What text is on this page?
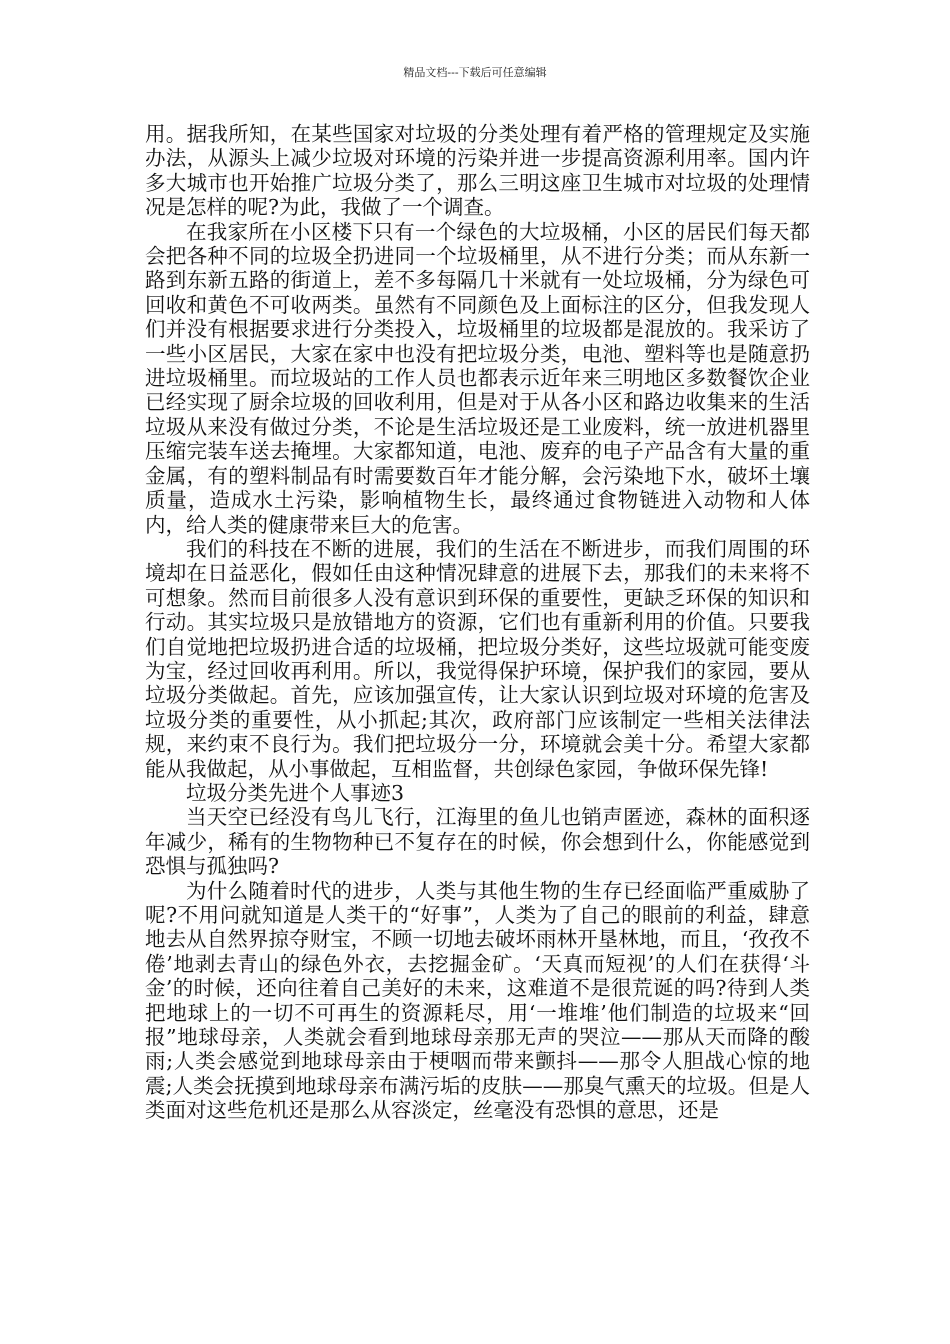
精品文档---下载后可任意编辑

用。据我所知，在某些国家对垃圾的分类处理有着严格的管理规定及实施办法，从源头上减少垃圾对环境的污染并进一步提高资源利用率。国内许多大城市也开始推广垃圾分类了，那么三明这座卫生城市对垃圾的处理情况是怎样的呢?为此，我做了一个调查。

在我家所在小区楼下只有一个绿色的大垃圾桶，小区的居民们每天都会把各种不同的垃圾全扔进同一个垃圾桶里，从不进行分类；而从东新一路到东新五路的街道上，差不多每隔几十米就有一处垃圾桶，分为绿色可回收和黄色不可收两类。虽然有不同颜色及上面标注的区分，但我发现人们并没有根据要求进行分类投入，垃圾桶里的垃圾都是混放的。我采访了一些小区居民，大家在家中也没有把垃圾分类，电池、塑料等也是随意扔进垃圾桶里。而垃圾站的工作人员也都表示近年来三明地区多数餐饮企业已经实现了厨余垃圾的回收利用，但是对于从各小区和路边收集来的生活垃圾从来没有做过分类，不论是生活垃圾还是工业废料，统一放进机器里压缩完装车送去掩埋。大家都知道，电池、废弃的电子产品含有大量的重金属，有的塑料制品有时需要数百年才能分解，会污染地下水，破坏土壤质量，造成水土污染，影响植物生长，最终通过食物链进入动物和人体内，给人类的健康带来巨大的危害。

我们的科技在不断的进展，我们的生活在不断进步，而我们周围的环境却在日益恶化，假如任由这种情况肆意的进展下去，那我们的未来将不可想象。然而目前很多人没有意识到环保的重要性，更缺乏环保的知识和行动。其实垃圾只是放错地方的资源，它们也有重新利用的价值。只要我们自觉地把垃圾扔进合适的垃圾桶，把垃圾分类好，这些垃圾就可能变废为宝，经过回收再利用。所以，我觉得保护环境，保护我们的家园，要从垃圾分类做起。首先，应该加强宣传，让大家认识到垃圾对环境的危害及垃圾分类的重要性，从小抓起;其次，政府部门应该制定一些相关法律法规，来约束不良行为。我们把垃圾分一分，环境就会美十分。希望大家都能从我做起，从小事做起，互相监督，共创绿色家园，争做环保先锋!

垃圾分类先进个人事迹3

当天空已经没有鸟儿飞行，江海里的鱼儿也销声匿迹，森林的面积逐年减少，稀有的生物物种已不复存在的时候，你会想到什么，你能感觉到恐惧与孤独吗?

为什么随着时代的进步，人类与其他生物的生存已经面临严重威胁了呢?不用问就知道是人类干的“好事”，人类为了自己的眼前的利益，肆意地去从自然界掠夺财宝，不顾一切地去破坏雨林开垦林地，而且，‘孜孜不倦’地剥去青山的绿色外衣，去挖掘金矿。‘天真而短视’的人们在获得‘斗金’的时候，还向往着自己美好的未来，这难道不是很荒诞的吗?待到人类把地球上的一切不可再生的资源耗尽，用‘一堆堆’他们制造的垃圾来“回报”地球母亲，人类就会看到地球母亲那无声的哭泣——那从天而降的酸雨;人类会感觉到地球母亲由于梗咽而带来颤抖——那令人胆战心惊的地震;人类会抚摸到地球母亲布满污垢的皮肤——那臭气熏天的垃圾。但是人类面对这些危机还是那么从容淡定，丝毫没有恐惧的意思，还是
